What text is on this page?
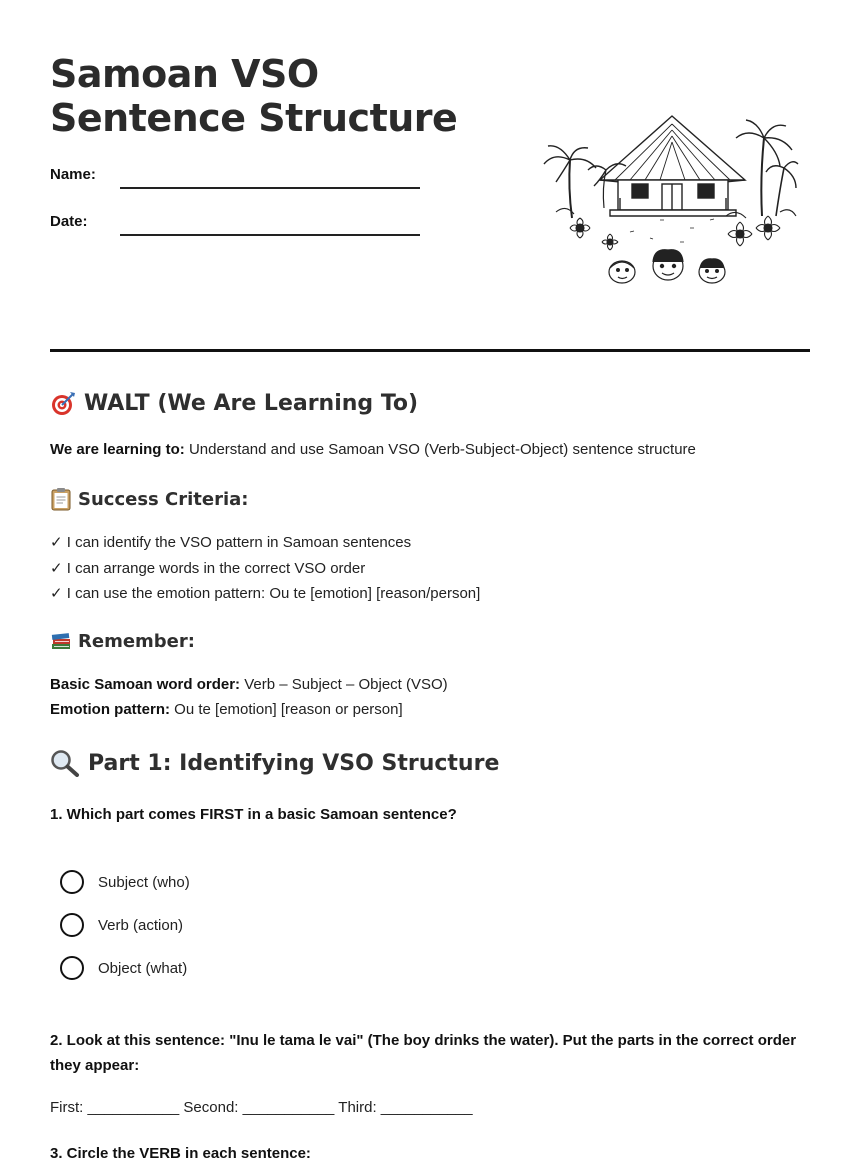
Samoan VSO Sentence Structure
Name:
Date:
WALT (We Are Learning To)
We are learning to: Understand and use Samoan VSO (Verb-Subject-Object) sentence structure
Success Criteria:
✓ I can identify the VSO pattern in Samoan sentences
✓ I can arrange words in the correct VSO order
✓ I can use the emotion pattern: Ou te [emotion] [reason/person]
Remember:
Basic Samoan word order: Verb – Subject – Object (VSO)
Emotion pattern: Ou te [emotion] [reason or person]
Part 1: Identifying VSO Structure
1. Which part comes FIRST in a basic Samoan sentence?
Subject (who)
Verb (action)
Object (what)
2. Look at this sentence: "Inu le tama le vai" (The boy drinks the water). Put the parts in the correct order they appear:
First: ___________ Second: ___________ Third: ___________
3. Circle the VERB in each sentence:
